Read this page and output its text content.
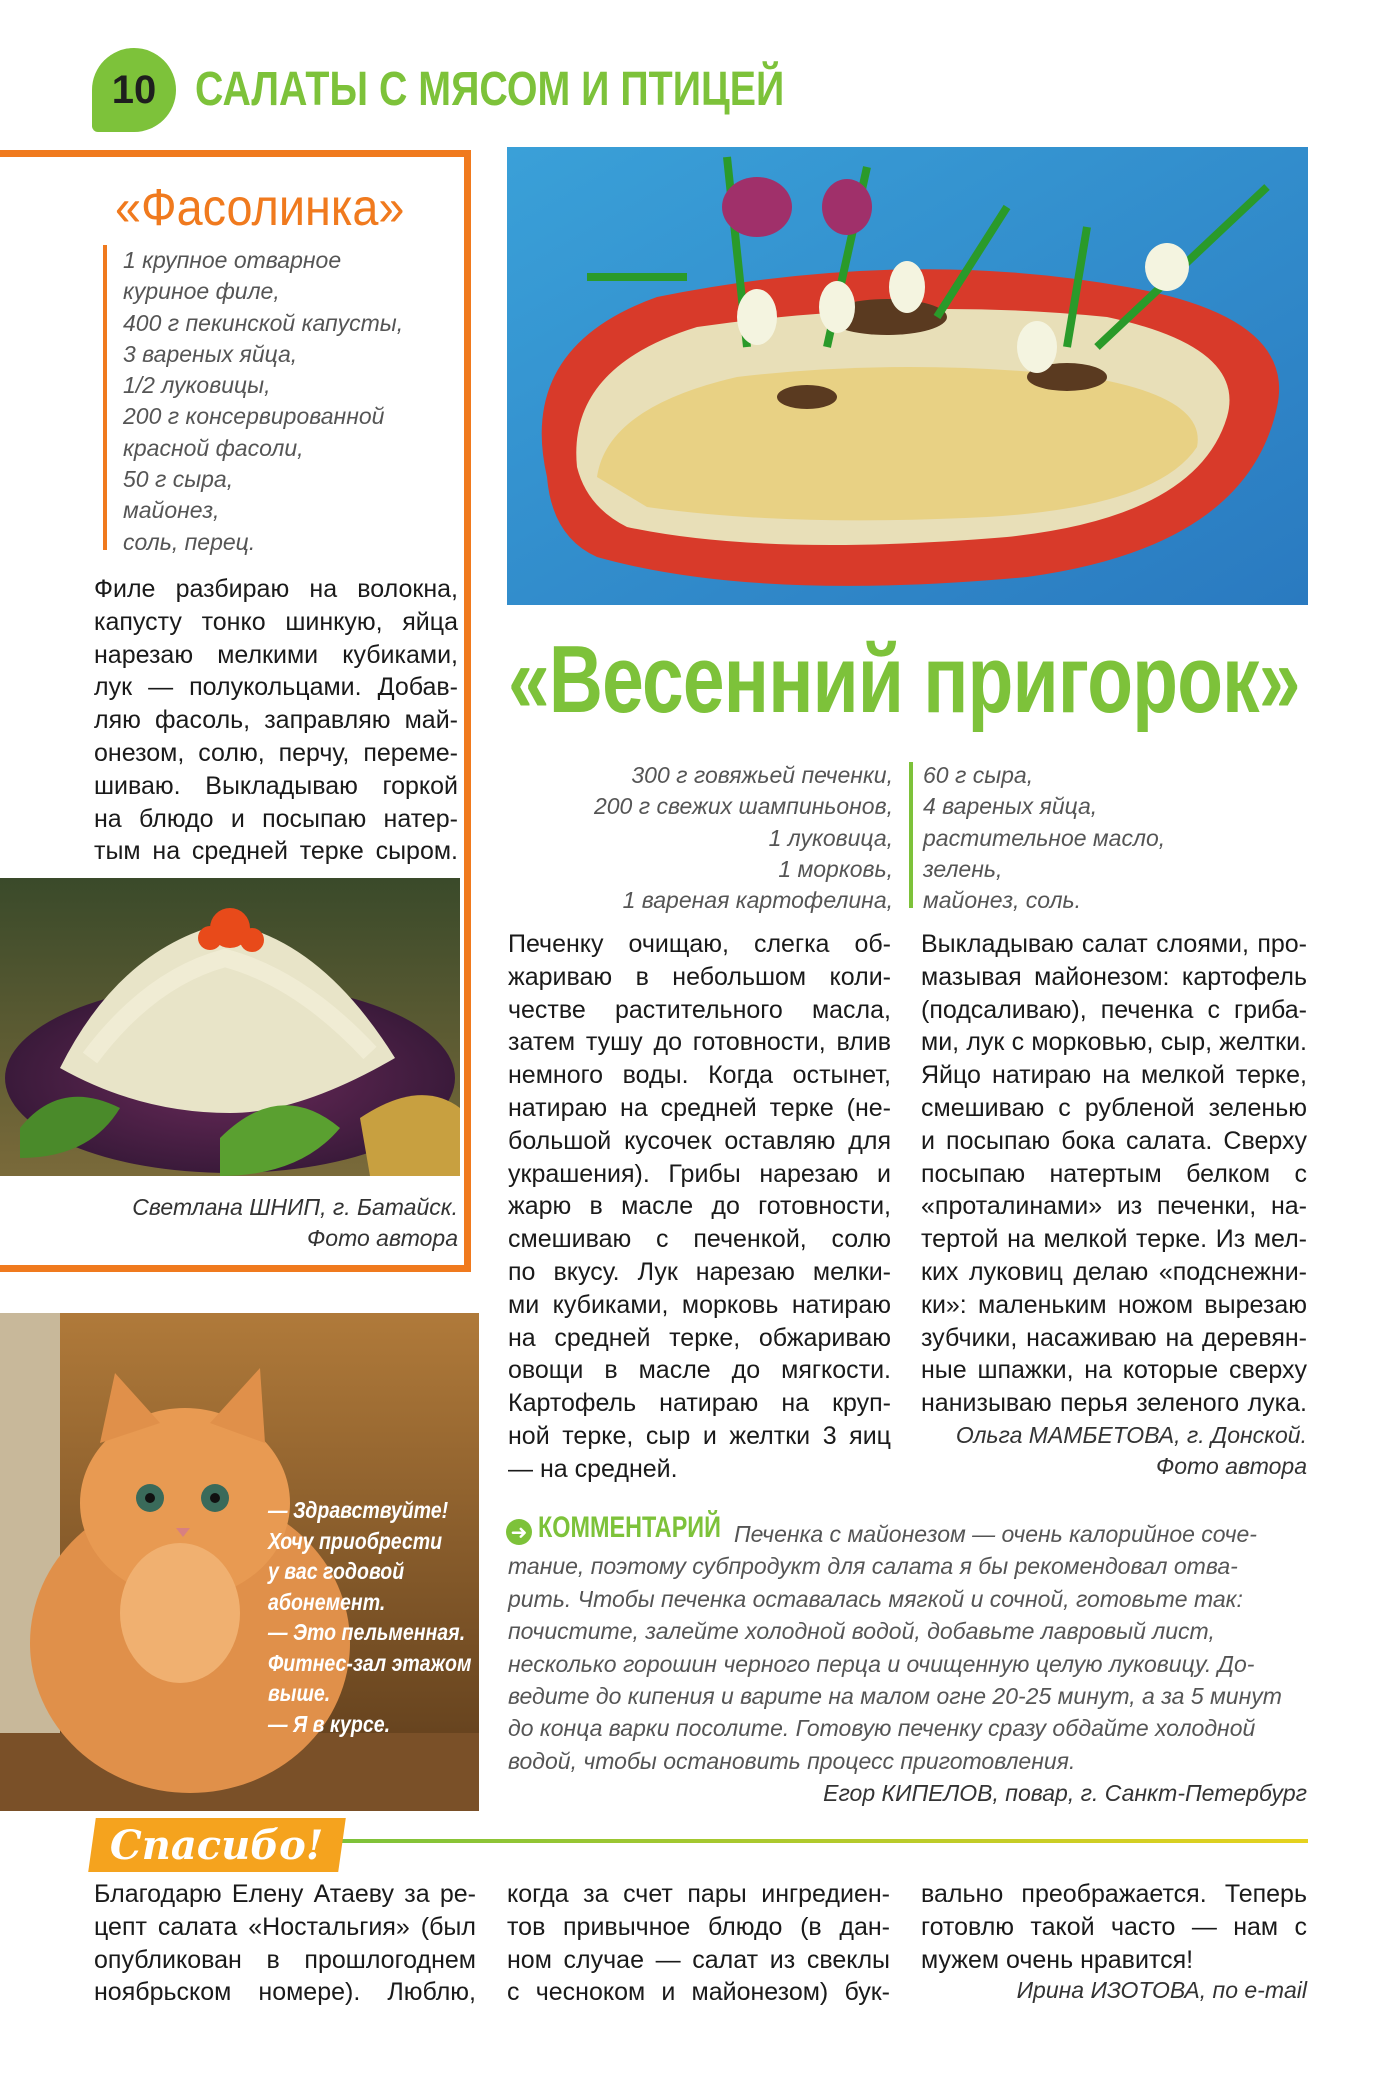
10 САЛАТЫ С МЯСОМ И ПТИЦЕЙ
«Фасолинка»
1 крупное отварное
куриное филе,
400 г пекинской капусты,
3 вареных яйца,
1/2 луковицы,
200 г консервированной
красной фасоли,
50 г сыра,
майонез,
соль, перец.
Филе разбираю на волокна,
капусту тонко шинкую, яйца
нарезаю мелкими кубиками,
лук — полукольцами. Добав-
ляю фасоль, заправляю май-
онезом, солю, перчу, переме-
шиваю. Выкладываю горкой
на блюдо и посыпаю натер-
тым на средней терке сыром.
Светлана ШНИП, г. Батайск.
Фото автора
— Здравствуйте!
Хочу приобрести
у вас годовой
абонемент.
— Это пельменная.
Фитнес-зал этажом
выше.
— Я в курсе.
«Весенний пригорок»
300 г говяжьей печенки,
200 г свежих шампиньонов,
1 луковица,
1 морковь,
1 вареная картофелина,
60 г сыра,
4 вареных яйца,
растительное масло,
зелень,
майонез, соль.
Печенку очищаю, слегка об-
жариваю в небольшом коли-
честве растительного масла,
затем тушу до готовности, влив
немного воды. Когда остынет,
натираю на средней терке (не-
большой кусочек оставляю для
украшения). Грибы нарезаю и
жарю в масле до готовности,
смешиваю с печенкой, солю
по вкусу. Лук нарезаю мелки-
ми кубиками, морковь натираю
на средней терке, обжариваю
овощи в масле до мягкости.
Картофель натираю на круп-
ной терке, сыр и желтки 3 яиц
— на средней.
Выкладываю салат слоями, про-
мазывая майонезом: картофель
(подсаливаю), печенка с гриба-
ми, лук с морковью, сыр, желтки.
Яйцо натираю на мелкой терке,
смешиваю с рубленой зеленью
и посыпаю бока салата. Сверху
посыпаю натертым белком с
«проталинами» из печенки, на-
тертой на мелкой терке. Из мел-
ких луковиц делаю «подснежни-
ки»: маленьким ножом вырезаю
зубчики, насаживаю на деревян-
ные шпажки, на которые сверху
нанизываю перья зеленого лука.
Ольга МАМБЕТОВА, г. Донской.
Фото автора
➜ КОММЕНТАРИЙ Печенка с майонезом — очень калорийное соче-
тание, поэтому субпродукт для салата я бы рекомендовал отва-
рить. Чтобы печенка оставалась мягкой и сочной, готовьте так:
почистите, залейте холодной водой, добавьте лавровый лист,
несколько горошин черного перца и очищенную целую луковицу. До-
ведите до кипения и варите на малом огне 20-25 минут, а за 5 минут
до конца варки посолите. Готовую печенку сразу обдайте холодной
водой, чтобы остановить процесс приготовления.
Егор КИПЕЛОВ, повар, г. Санкт-Петербург
Спасибо!
Благодарю Елену Атаеву за ре-
цепт салата «Ностальгия» (был
опубликован в прошлогоднем
ноябрьском номере). Люблю,
когда за счет пары ингредиен-
тов привычное блюдо (в дан-
ном случае — салат из свеклы
с чесноком и майонезом) бук-
вально преображается. Теперь
готовлю такой часто — нам с
мужем очень нравится!
Ирина ИЗОТОВА, по e-mail
